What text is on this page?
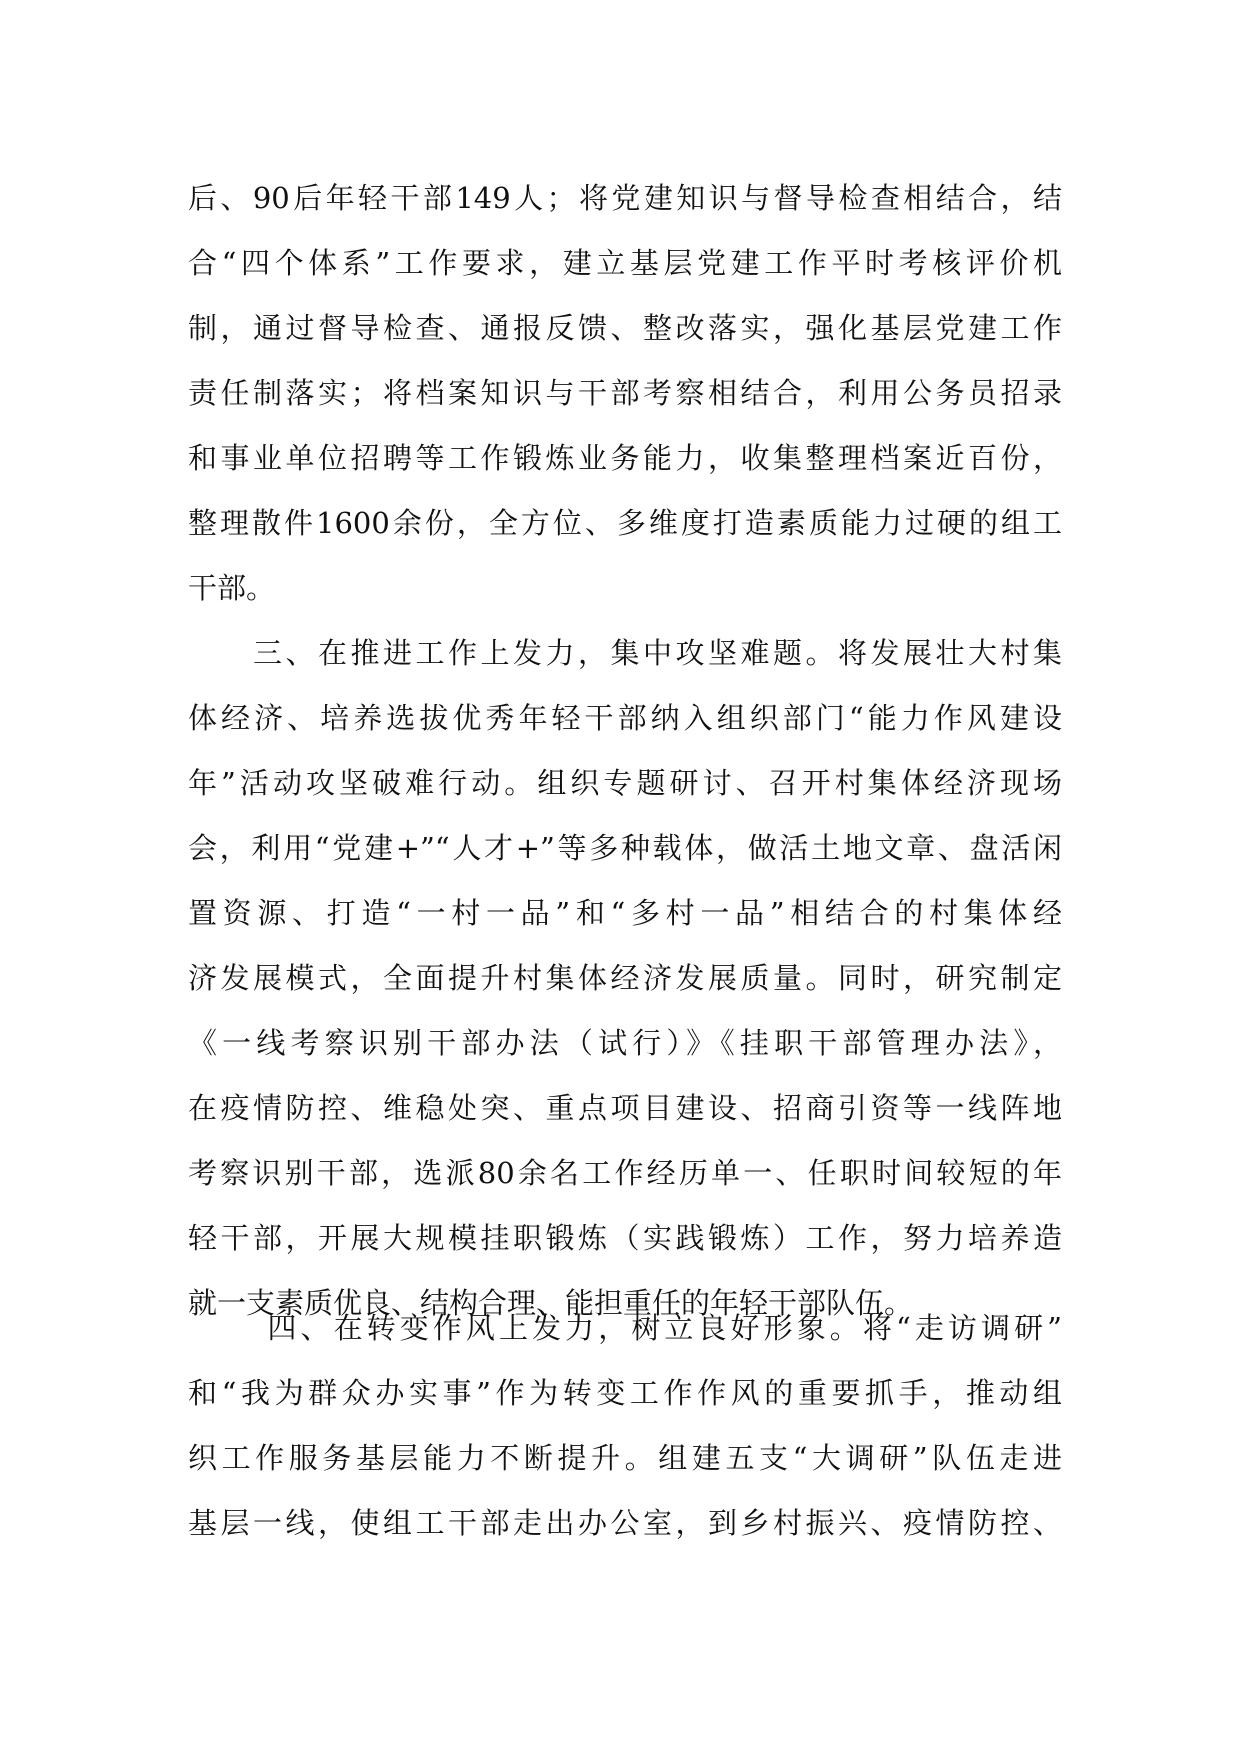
后、90后年轻干部149人；将党建知识与督导检查相结合，结
合“四个体系”工作要求，建立基层党建工作平时考核评价机
制，通过督导检查、通报反馈、整改落实，强化基层党建工作
责任制落实；将档案知识与干部考察相结合，利用公务员招录
和事业单位招聘等工作锻炼业务能力，收集整理档案近百份，
整理散件1600余份，全方位、多维度打造素质能力过硬的组工
干部。
　　三、在推进工作上发力，集中攻坚难题。将发展壮大村集
体经济、培养选拔优秀年轻干部纳入组织部门“能力作风建设
年”活动攻坚破难行动。组织专题研讨、召开村集体经济现场
会，利用“党建+”“人才+”等多种载体，做活土地文章、盘活闲
置资源、打造“一村一品”和“多村一品”相结合的村集体经
济发展模式，全面提升村集体经济发展质量。同时，研究制定
《一线考察识别干部办法（试行）》《挂职干部管理办法》，
在疫情防控、维稳处突、重点项目建设、招商引资等一线阵地
考察识别干部，选派80余名工作经历单一、任职时间较短的年
轻干部，开展大规模挂职锻炼（实践锻炼）工作，努力培养造
就一支素质优良、结构合理、能担重任的年轻干部队伍。
　　 四、在转变作风上发力，树立良好形象。将“走访调研”
和“我为群众办实事”作为转变工作作风的重要抓手，推动组
织工作服务基层能力不断提升。组建五支“大调研”队伍走进
基层一线，使组工干部走出办公室，到乡村振兴、疫情防控、
